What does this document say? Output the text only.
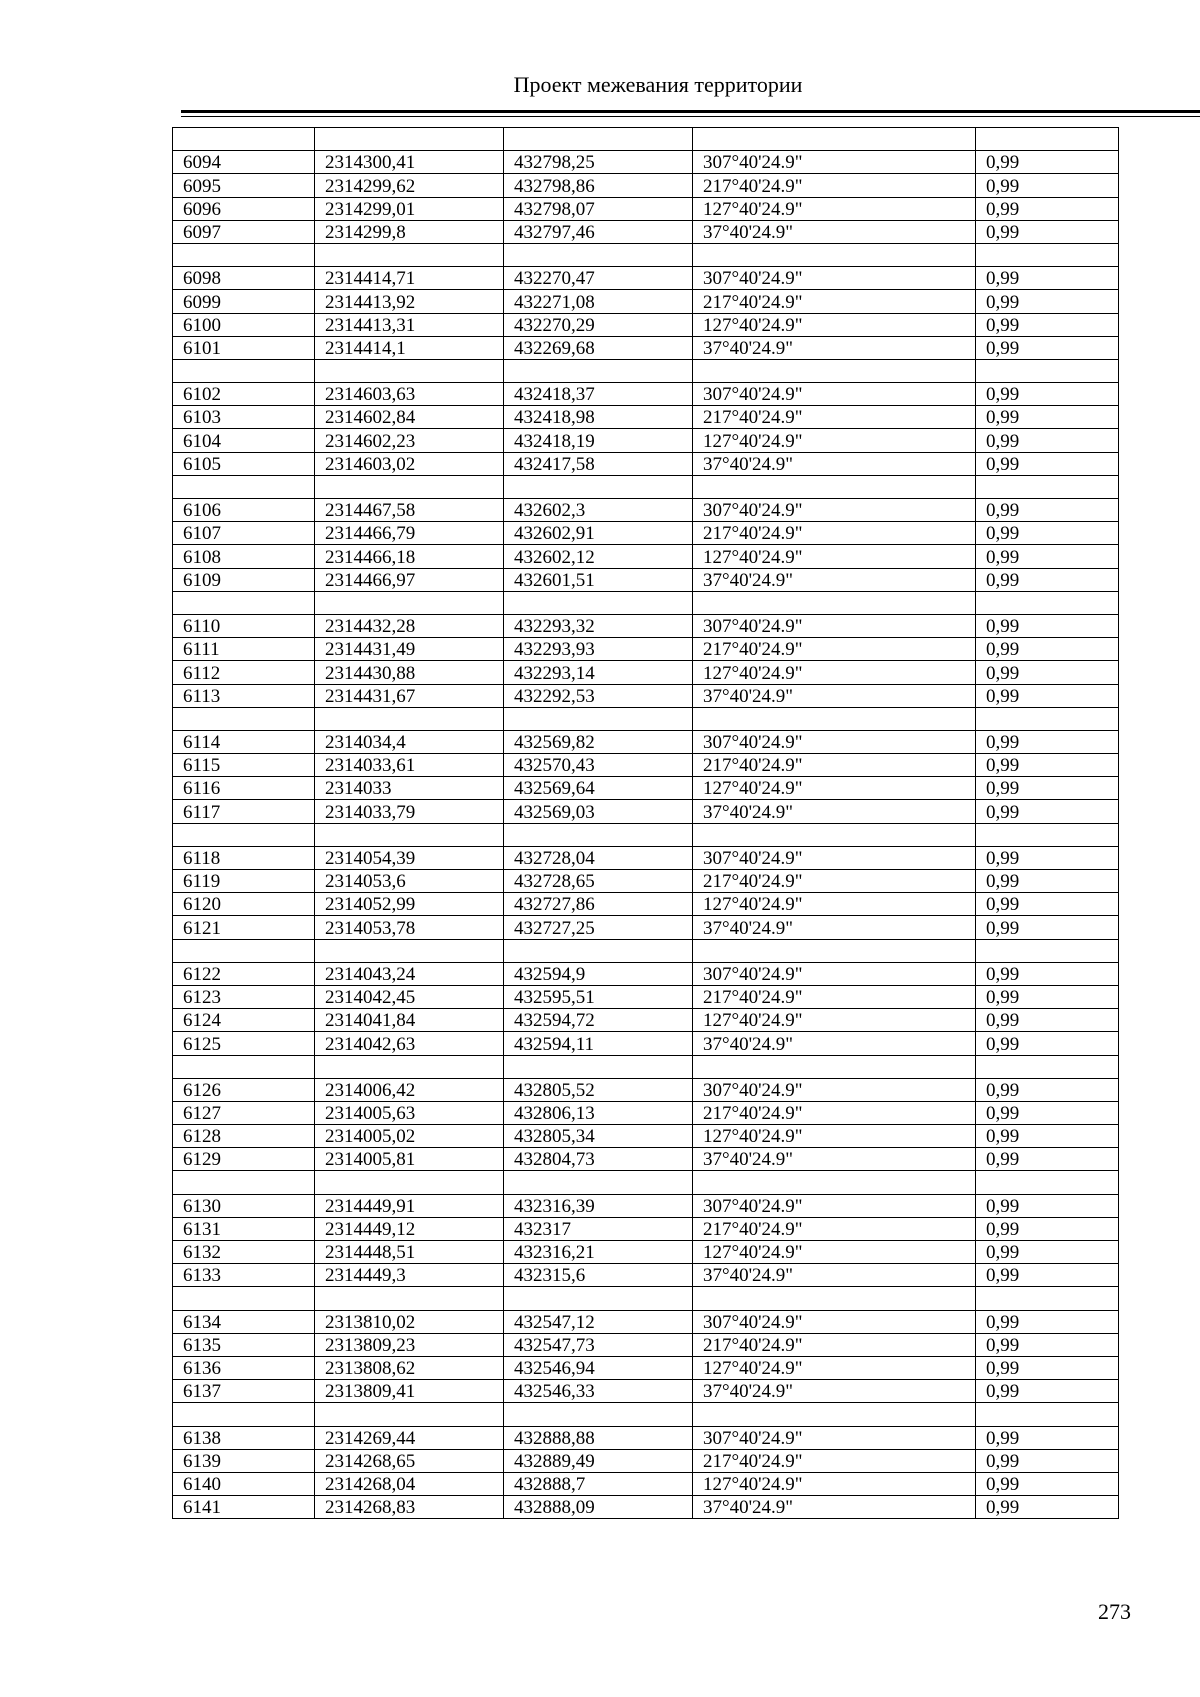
Проект межевания территории

6094	2314300,41	432798,25	307°40'24.9"	0,99
6095	2314299,62	432798,86	217°40'24.9"	0,99
6096	2314299,01	432798,07	127°40'24.9"	0,99
6097	2314299,8	432797,46	37°40'24.9"	0,99

6098	2314414,71	432270,47	307°40'24.9"	0,99
6099	2314413,92	432271,08	217°40'24.9"	0,99
6100	2314413,31	432270,29	127°40'24.9"	0,99
6101	2314414,1	432269,68	37°40'24.9"	0,99

6102	2314603,63	432418,37	307°40'24.9"	0,99
6103	2314602,84	432418,98	217°40'24.9"	0,99
6104	2314602,23	432418,19	127°40'24.9"	0,99
6105	2314603,02	432417,58	37°40'24.9"	0,99

6106	2314467,58	432602,3	307°40'24.9"	0,99
6107	2314466,79	432602,91	217°40'24.9"	0,99
6108	2314466,18	432602,12	127°40'24.9"	0,99
6109	2314466,97	432601,51	37°40'24.9"	0,99

6110	2314432,28	432293,32	307°40'24.9"	0,99
6111	2314431,49	432293,93	217°40'24.9"	0,99
6112	2314430,88	432293,14	127°40'24.9"	0,99
6113	2314431,67	432292,53	37°40'24.9"	0,99

6114	2314034,4	432569,82	307°40'24.9"	0,99
6115	2314033,61	432570,43	217°40'24.9"	0,99
6116	2314033	432569,64	127°40'24.9"	0,99
6117	2314033,79	432569,03	37°40'24.9"	0,99

6118	2314054,39	432728,04	307°40'24.9"	0,99
6119	2314053,6	432728,65	217°40'24.9"	0,99
6120	2314052,99	432727,86	127°40'24.9"	0,99
6121	2314053,78	432727,25	37°40'24.9"	0,99

6122	2314043,24	432594,9	307°40'24.9"	0,99
6123	2314042,45	432595,51	217°40'24.9"	0,99
6124	2314041,84	432594,72	127°40'24.9"	0,99
6125	2314042,63	432594,11	37°40'24.9"	0,99

6126	2314006,42	432805,52	307°40'24.9"	0,99
6127	2314005,63	432806,13	217°40'24.9"	0,99
6128	2314005,02	432805,34	127°40'24.9"	0,99
6129	2314005,81	432804,73	37°40'24.9"	0,99

6130	2314449,91	432316,39	307°40'24.9"	0,99
6131	2314449,12	432317	217°40'24.9"	0,99
6132	2314448,51	432316,21	127°40'24.9"	0,99
6133	2314449,3	432315,6	37°40'24.9"	0,99

6134	2313810,02	432547,12	307°40'24.9"	0,99
6135	2313809,23	432547,73	217°40'24.9"	0,99
6136	2313808,62	432546,94	127°40'24.9"	0,99
6137	2313809,41	432546,33	37°40'24.9"	0,99

6138	2314269,44	432888,88	307°40'24.9"	0,99
6139	2314268,65	432889,49	217°40'24.9"	0,99
6140	2314268,04	432888,7	127°40'24.9"	0,99
6141	2314268,83	432888,09	37°40'24.9"	0,99
273
